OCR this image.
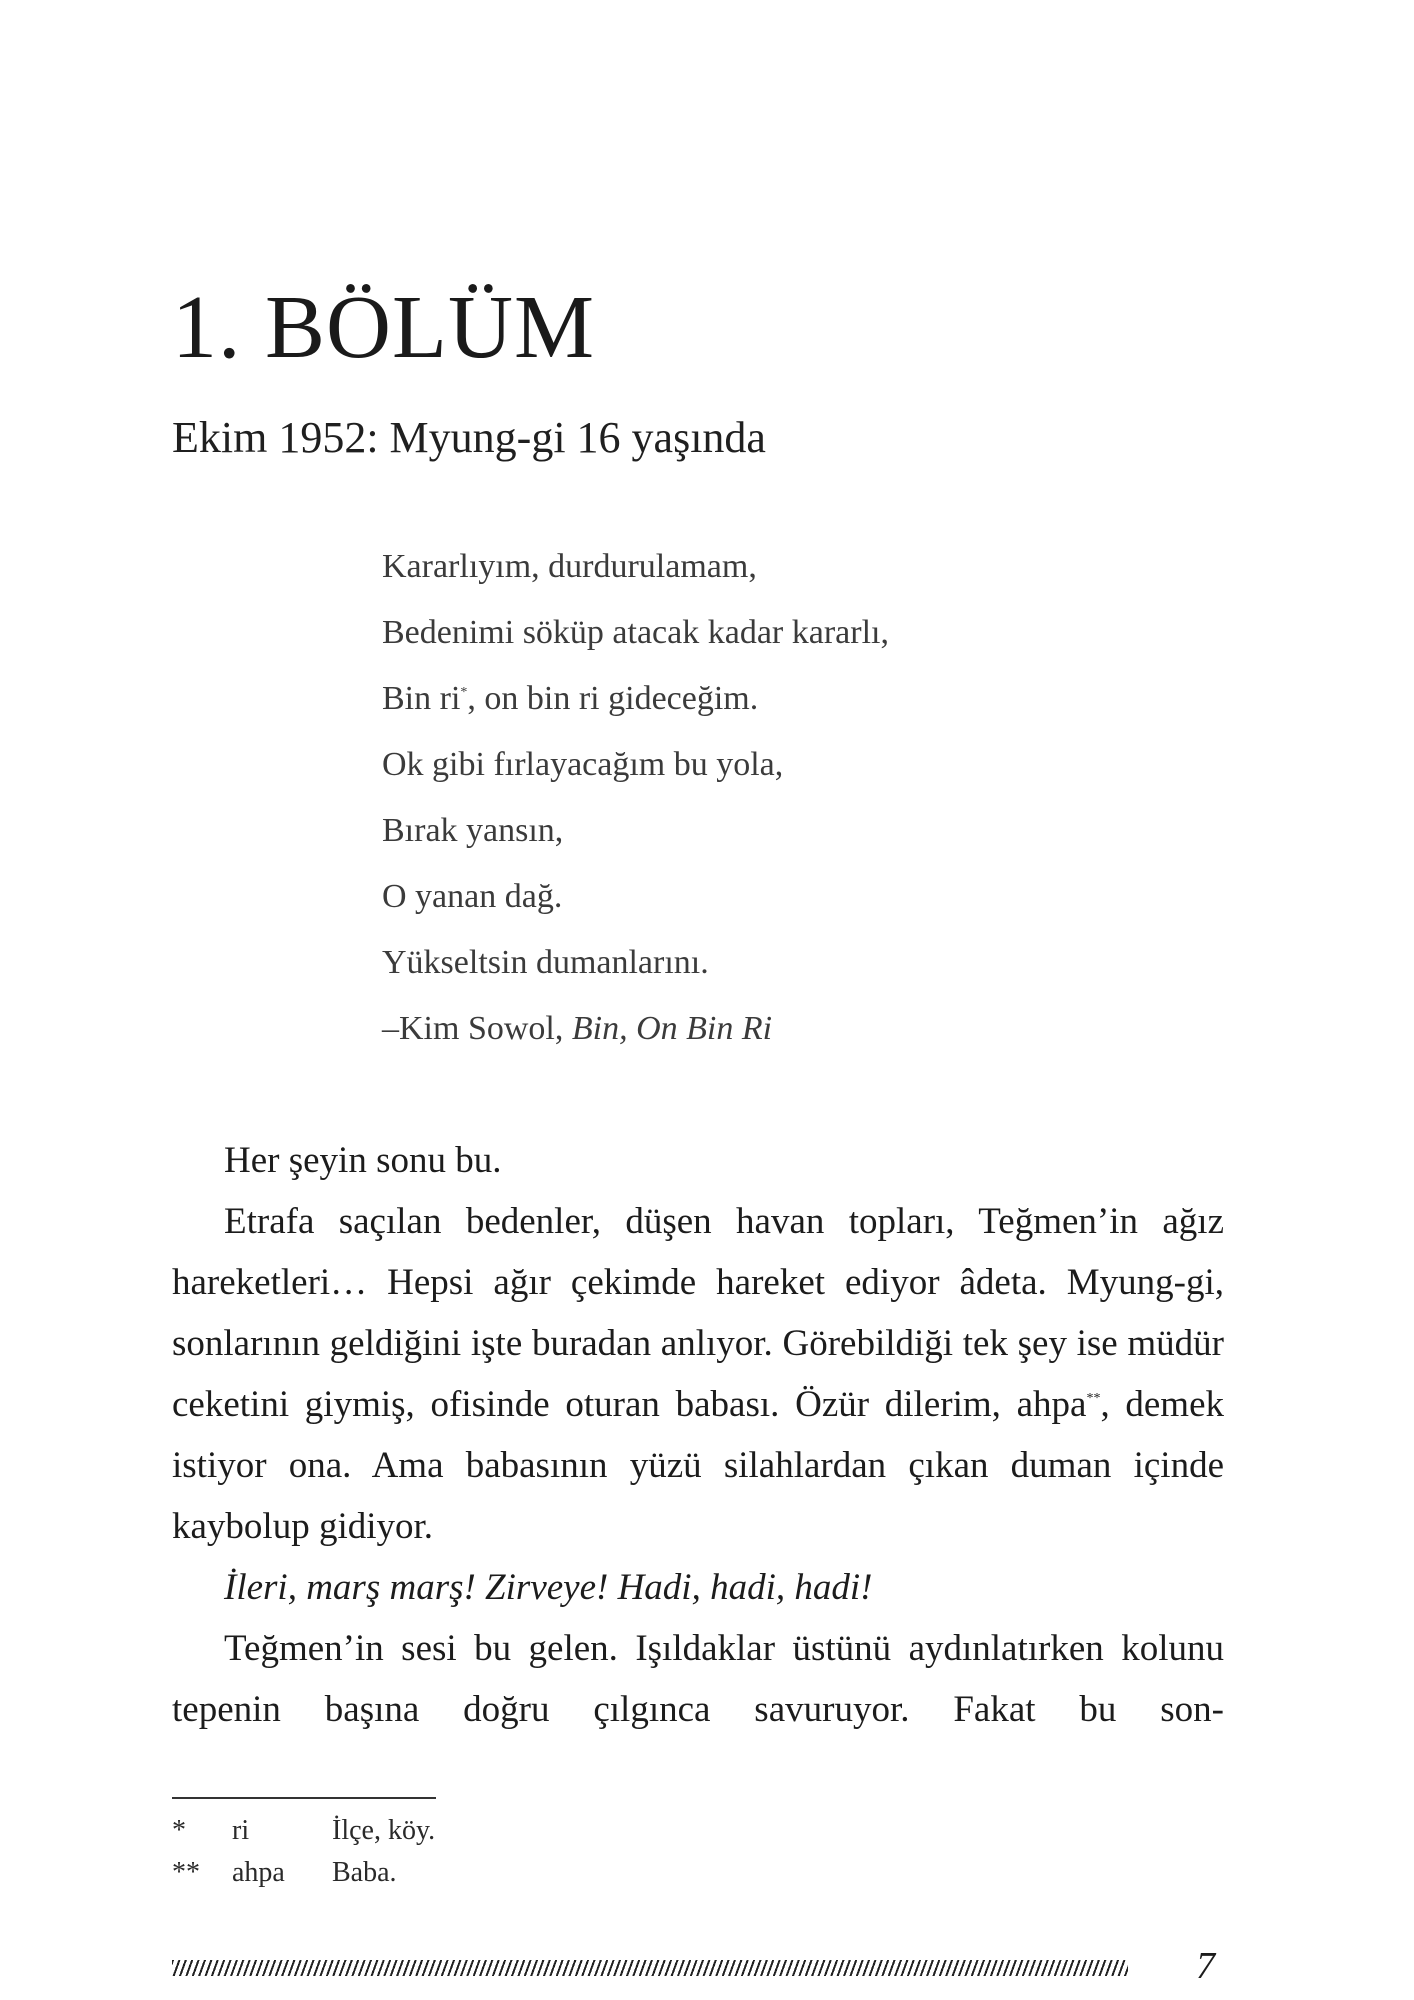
1. BÖLÜM
Ekim 1952: Myung-gi 16 yaşında
Kararlıyım, durdurulamam,
Bedenimi söküp atacak kadar kararlı,
Bin ri*, on bin ri gideceğim.
Ok gibi fırlayacağım bu yola,
Bırak yansın,
O yanan dağ.
Yükseltsin dumanlarını.
–Kim Sowol, Bin, On Bin Ri

Her şeyin sonu bu.

Etrafa saçılan bedenler, düşen havan topları, Teğmen’in ağız hareketleri… Hepsi ağır çekimde hareket ediyor âdeta. Myung-gi, sonlarının geldiğini işte buradan anlıyor. Görebildiği tek şey ise müdür ceketini giymiş, ofisinde oturan babası. Özür dilerim, ahpa**, demek istiyor ona. Ama babasının yüzü silahlardan çıkan duman içinde kaybolup gidiyor.

İleri, marş marş! Zirveye! Hadi, hadi, hadi!

Teğmen’in sesi bu gelen. Işıldaklar üstünü aydınlatırken kolunu tepenin başına doğru çılgınca savuruyor. Fakat bu son-

*	ri	İlçe, köy.
**	ahpa	Baba.
7
